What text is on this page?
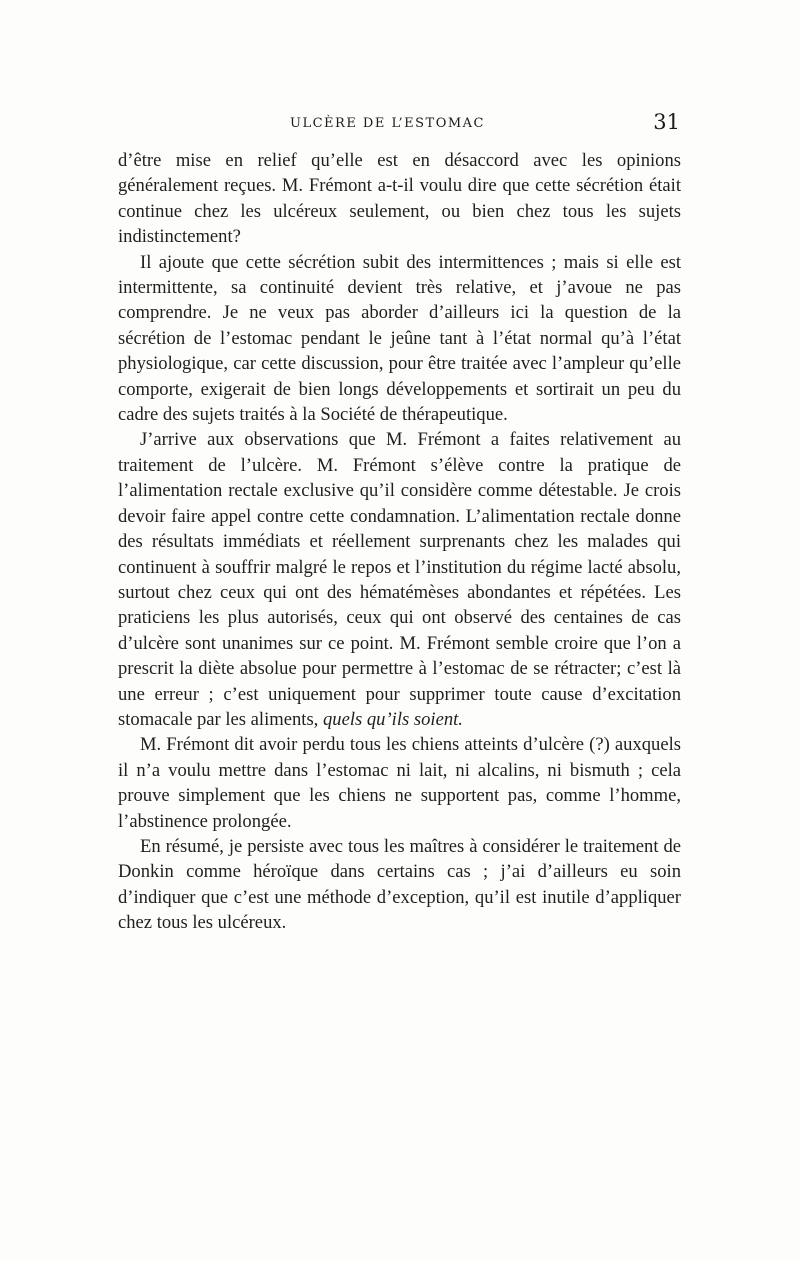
ULCÈRE DE L’ESTOMAC	31

d’être mise en relief qu’elle est en désaccord avec les opinions généralement reçues. M. Frémont a-t-il voulu dire que cette sécrétion était continue chez les ulcéreux seulement, ou bien chez tous les sujets indistinctement?

Il ajoute que cette sécrétion subit des intermittences ; mais si elle est intermittente, sa continuité devient très relative, et j’avoue ne pas comprendre. Je ne veux pas aborder d’ailleurs ici la question de la sécrétion de l’estomac pendant le jeûne tant à l’état normal qu’à l’état physiologique, car cette discussion, pour être traitée avec l’ampleur qu’elle comporte, exigerait de bien longs développements et sortirait un peu du cadre des sujets traités à la Société de thérapeutique.

J’arrive aux observations que M. Frémont a faites relativement au traitement de l’ulcère. M. Frémont s’élève contre la pratique de l’alimentation rectale exclusive qu’il considère comme détestable. Je crois devoir faire appel contre cette condamnation. L’alimentation rectale donne des résultats immédiats et réellement surprenants chez les malades qui continuent à souffrir malgré le repos et l’institution du régime lacté absolu, surtout chez ceux qui ont des hématémèses abondantes et répétées. Les praticiens les plus autorisés, ceux qui ont observé des centaines de cas d’ulcère sont unanimes sur ce point. M. Frémont semble croire que l’on a prescrit la diète absolue pour permettre à l’estomac de se rétracter; c’est là une erreur ; c’est uniquement pour supprimer toute cause d’excitation stomacale par les aliments, quels qu’ils soient.

M. Frémont dit avoir perdu tous les chiens atteints d’ulcère (?) auxquels il n’a voulu mettre dans l’estomac ni lait, ni alcalins, ni bismuth ; cela prouve simplement que les chiens ne supportent pas, comme l’homme, l’abstinence prolongée.

En résumé, je persiste avec tous les maîtres à considérer le traitement de Donkin comme héroïque dans certains cas ; j’ai d’ailleurs eu soin d’indiquer que c’est une méthode d’exception, qu’il est inutile d’appliquer chez tous les ulcéreux.
